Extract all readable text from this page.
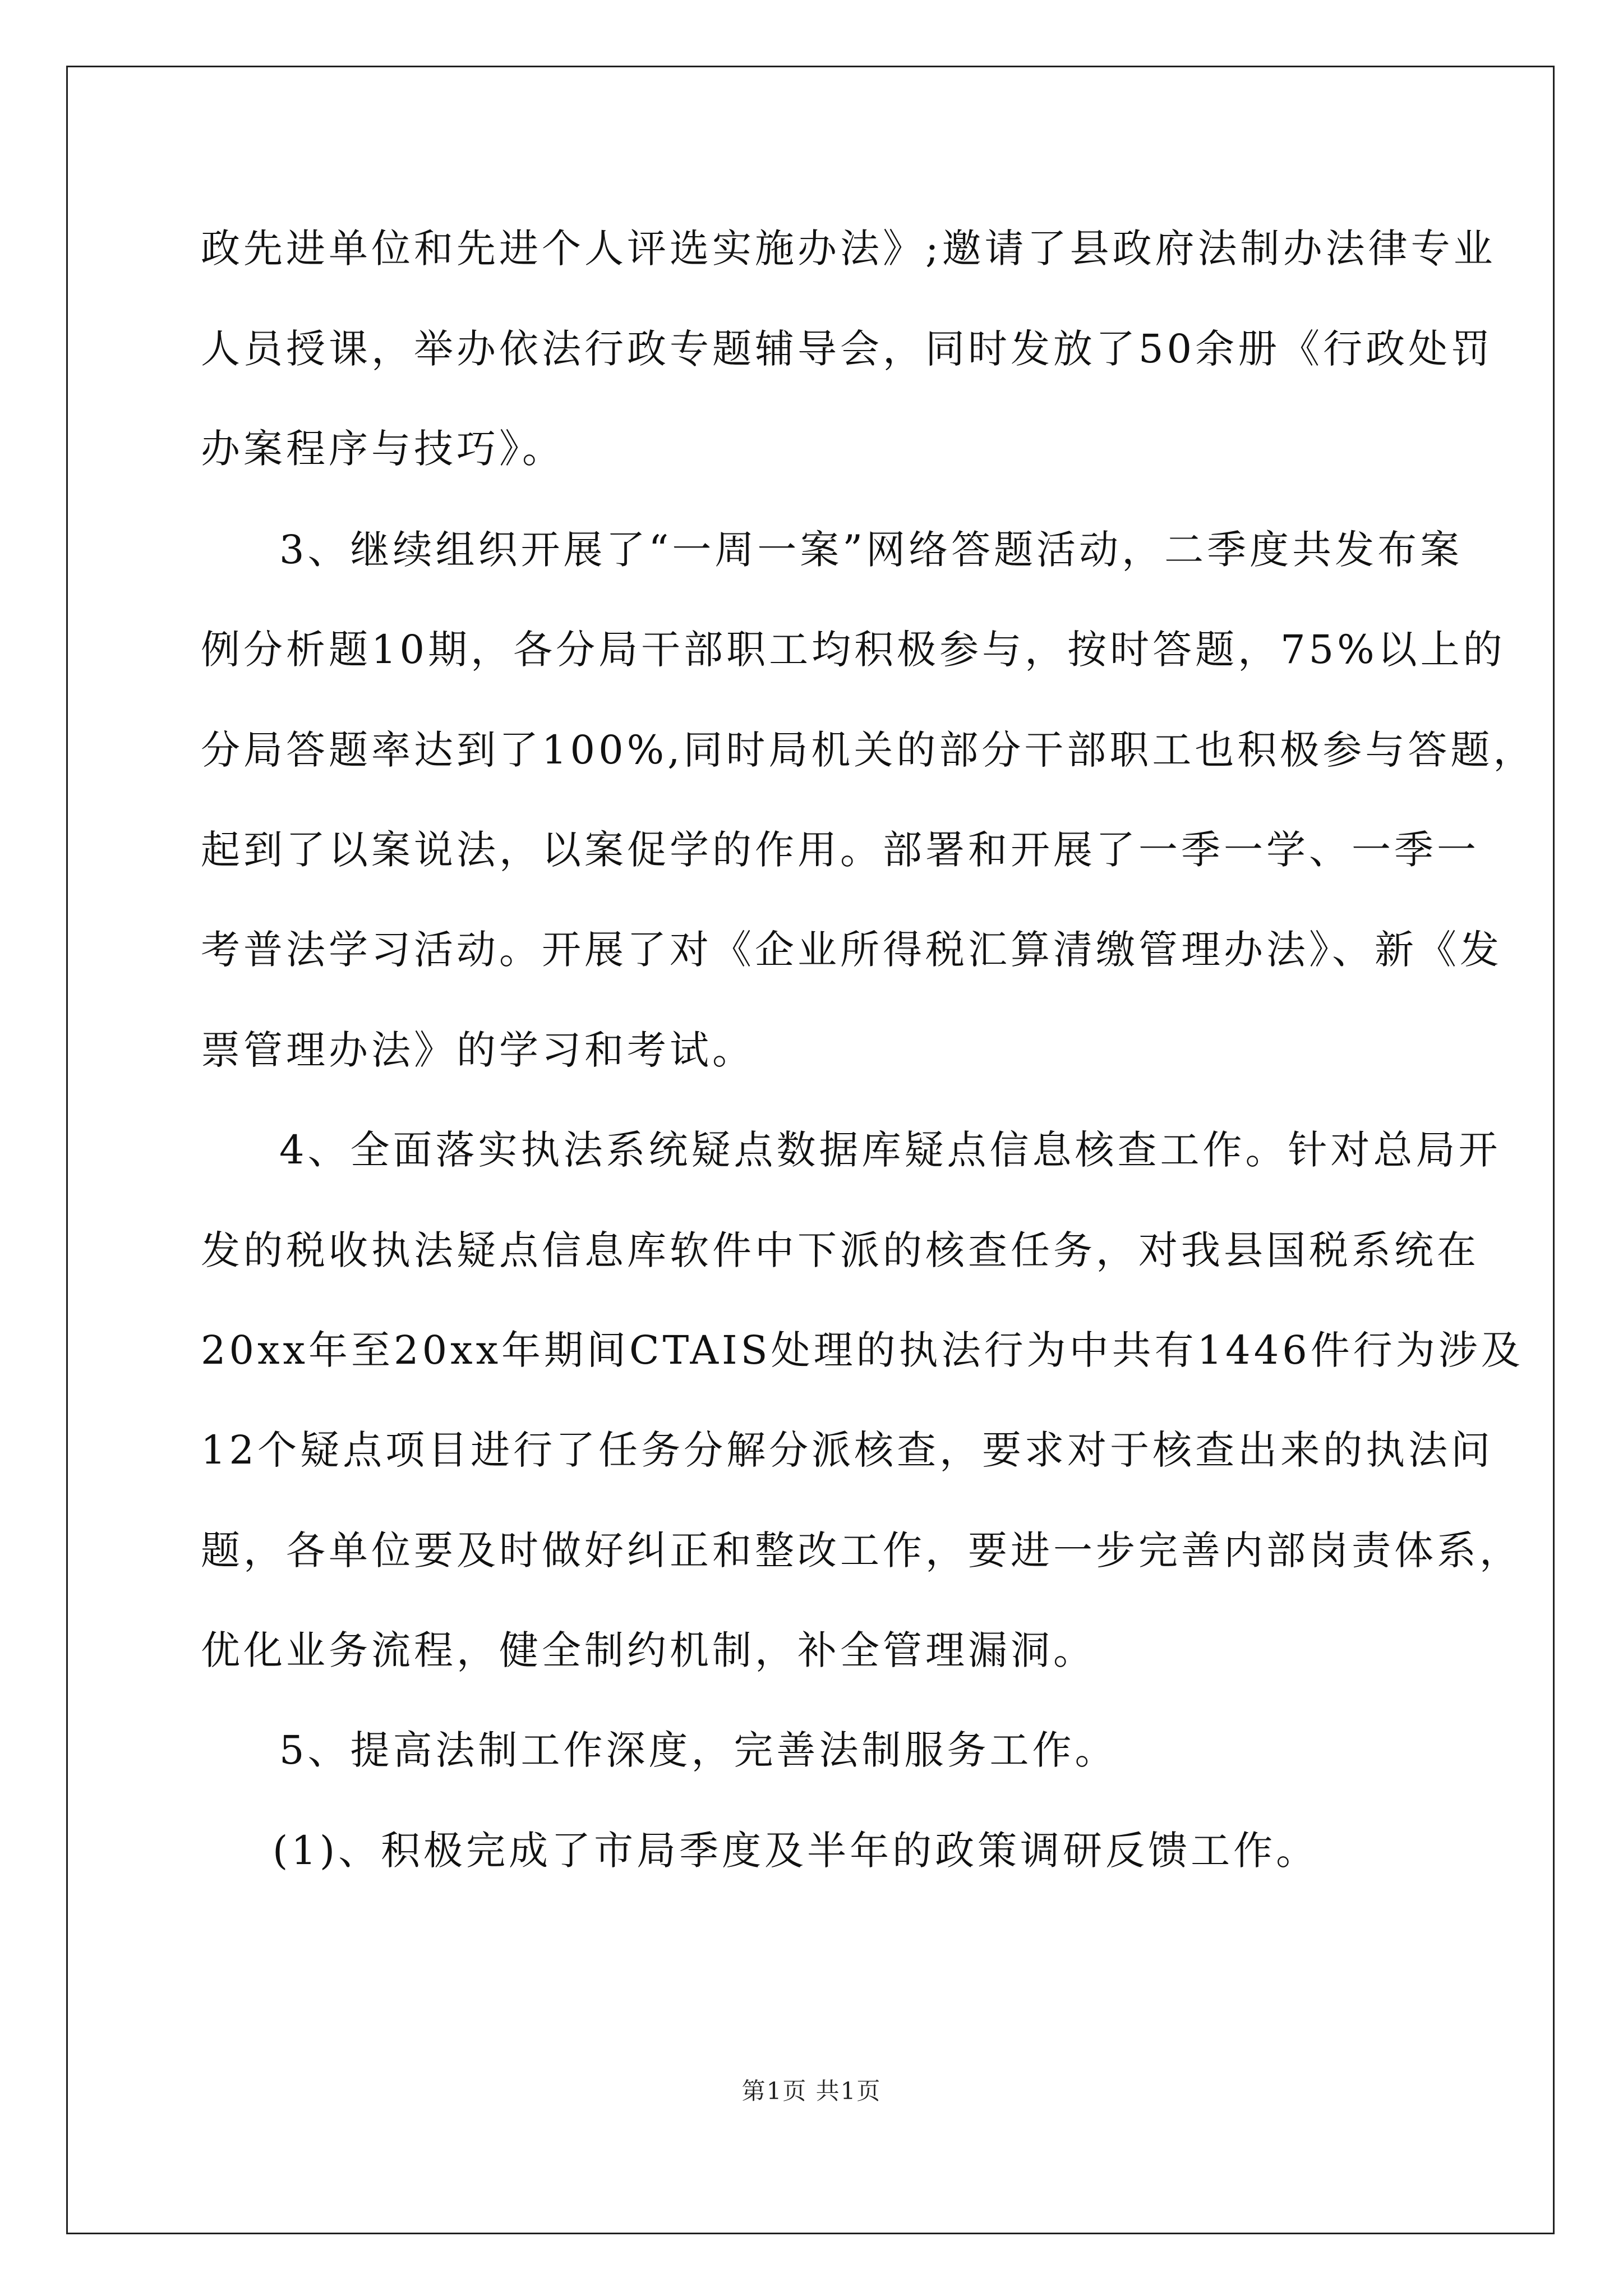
政先进单位和先进个人评选实施办法》;邀请了县政府法制办法律专业
人员授课，举办依法行政专题辅导会，同时发放了50余册《行政处罚
办案程序与技巧》。
3、继续组织开展了“一周一案”网络答题活动，二季度共发布案
例分析题10期，各分局干部职工均积极参与，按时答题，75%以上的
分局答题率达到了100%,同时局机关的部分干部职工也积极参与答题，
起到了以案说法，以案促学的作用。部署和开展了一季一学、一季一
考普法学习活动。开展了对《企业所得税汇算清缴管理办法》、新《发
票管理办法》的学习和考试。
4、全面落实执法系统疑点数据库疑点信息核查工作。针对总局开
发的税收执法疑点信息库软件中下派的核查任务，对我县国税系统在
20xx年至20xx年期间CTAIS处理的执法行为中共有1446件行为涉及
12个疑点项目进行了任务分解分派核查，要求对于核查出来的执法问
题，各单位要及时做好纠正和整改工作，要进一步完善内部岗责体系，
优化业务流程，健全制约机制，补全管理漏洞。
5、提高法制工作深度，完善法制服务工作。
(1)、积极完成了市局季度及半年的政策调研反馈工作。
第1页 共1页
